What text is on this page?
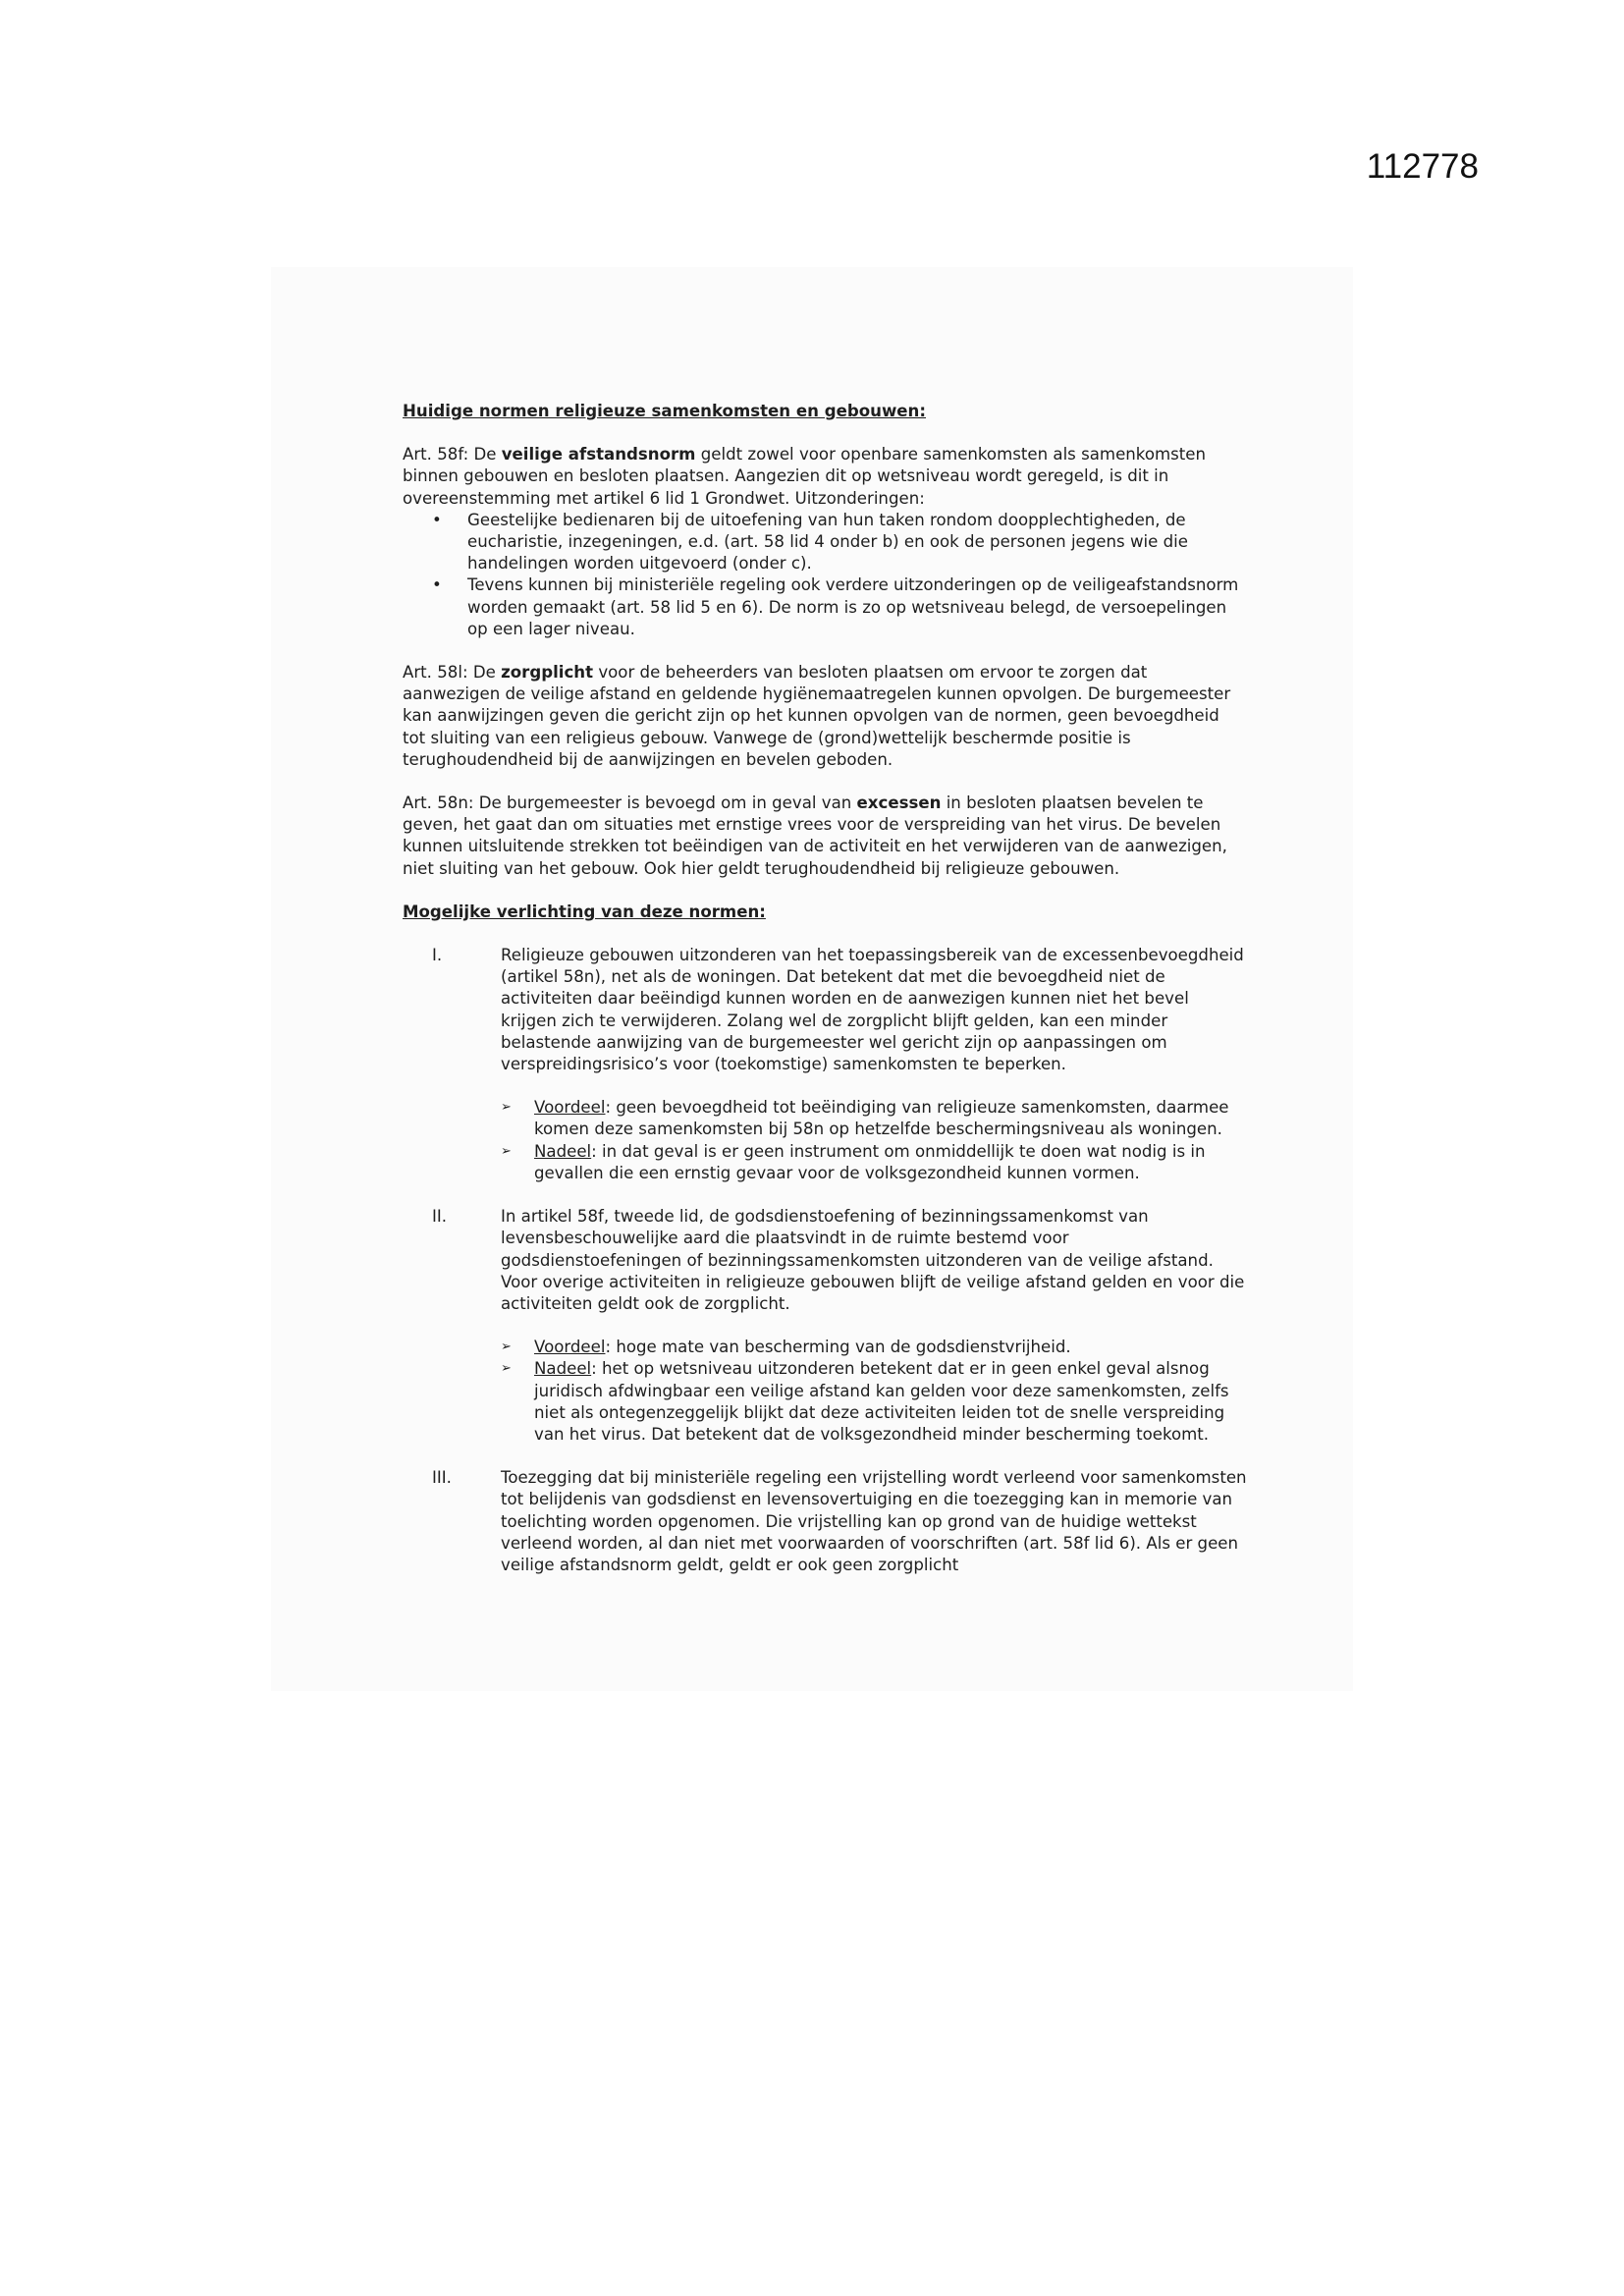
112778

Huidige normen religieuze samenkomsten en gebouwen:

Art. 58f: De veilige afstandsnorm geldt zowel voor openbare samenkomsten als samenkomsten binnen gebouwen en besloten plaatsen. Aangezien dit op wetsniveau wordt geregeld, is dit in overeenstemming met artikel 6 lid 1 Grondwet. Uitzonderingen:

• Geestelijke bedienaren bij de uitoefening van hun taken rondom doopplechtigheden, de eucharistie, inzegeningen, e.d. (art. 58 lid 4 onder b) en ook de personen jegens wie die handelingen worden uitgevoerd (onder c).
• Tevens kunnen bij ministeriële regeling ook verdere uitzonderingen op de veiligeafstandsnorm worden gemaakt (art. 58 lid 5 en 6). De norm is zo op wetsniveau belegd, de versoepelingen op een lager niveau.

Art. 58l: De zorgplicht voor de beheerders van besloten plaatsen om ervoor te zorgen dat aanwezigen de veilige afstand en geldende hygiënemaatregelen kunnen opvolgen. De burgemeester kan aanwijzingen geven die gericht zijn op het kunnen opvolgen van de normen, geen bevoegdheid tot sluiting van een religieus gebouw. Vanwege de (grond)wettelijk beschermde positie is terughoudendheid bij de aanwijzingen en bevelen geboden.

Art. 58n: De burgemeester is bevoegd om in geval van excessen in besloten plaatsen bevelen te geven, het gaat dan om situaties met ernstige vrees voor de verspreiding van het virus. De bevelen kunnen uitsluitende strekken tot beëindigen van de activiteit en het verwijderen van de aanwezigen, niet sluiting van het gebouw. Ook hier geldt terughoudendheid bij religieuze gebouwen.

Mogelijke verlichting van deze normen:

I.	Religieuze gebouwen uitzonderen van het toepassingsbereik van de excessenbevoegdheid (artikel 58n), net als de woningen. Dat betekent dat met die bevoegdheid niet de activiteiten daar beëindigd kunnen worden en de aanwezigen kunnen niet het bevel krijgen zich te verwijderen. Zolang wel de zorgplicht blijft gelden, kan een minder belastende aanwijzing van de burgemeester wel gericht zijn op aanpassingen om verspreidingsrisico’s voor (toekomstige) samenkomsten te beperken.

➢ Voordeel: geen bevoegdheid tot beëindiging van religieuze samenkomsten, daarmee komen deze samenkomsten bij 58n op hetzelfde beschermingsniveau als woningen.
➢ Nadeel: in dat geval is er geen instrument om onmiddellijk te doen wat nodig is in gevallen die een ernstig gevaar voor de volksgezondheid kunnen vormen.
II.	In artikel 58f, tweede lid, de godsdienstoefening of bezinningssamenkomst van levensbeschouwelijke aard die plaatsvindt in de ruimte bestemd voor godsdienstoefeningen of bezinningssamenkomsten uitzonderen van de veilige afstand. Voor overige activiteiten in religieuze gebouwen blijft de veilige afstand gelden en voor die activiteiten geldt ook de zorgplicht.

➢ Voordeel: hoge mate van bescherming van de godsdienstvrijheid.
➢ Nadeel: het op wetsniveau uitzonderen betekent dat er in geen enkel geval alsnog juridisch afdwingbaar een veilige afstand kan gelden voor deze samenkomsten, zelfs niet als ontegenzeggelijk blijkt dat deze activiteiten leiden tot de snelle verspreiding van het virus. Dat betekent dat de volksgezondheid minder bescherming toekomt.
III.	Toezegging dat bij ministeriële regeling een vrijstelling wordt verleend voor samenkomsten tot belijdenis van godsdienst en levensovertuiging en die toezegging kan in memorie van toelichting worden opgenomen. Die vrijstelling kan op grond van de huidige wettekst verleend worden, al dan niet met voorwaarden of voorschriften (art. 58f lid 6). Als er geen veilige afstandsnorm geldt, geldt er ook geen zorgplicht
